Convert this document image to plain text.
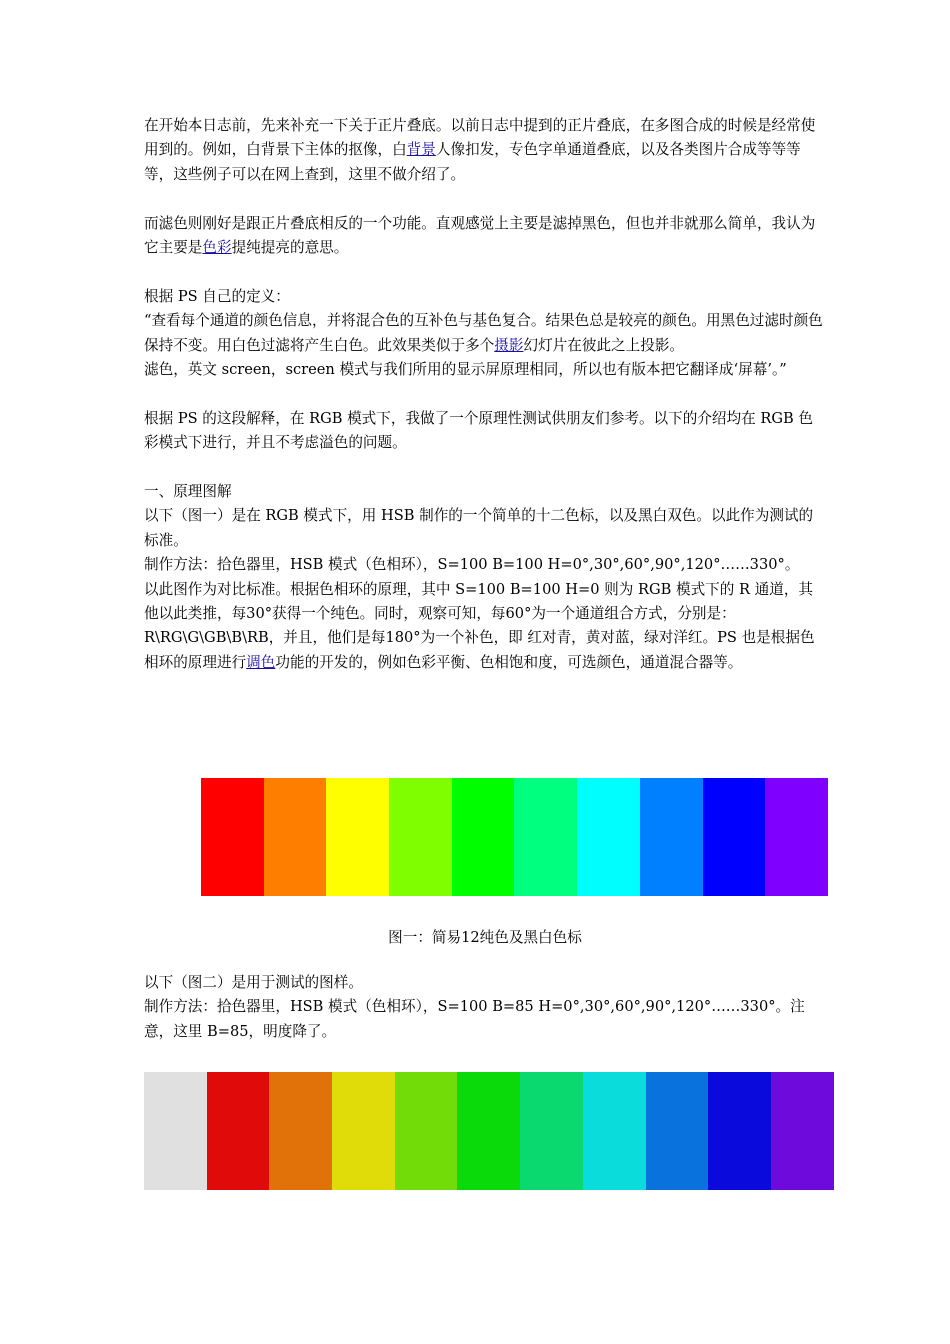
在开始本日志前，先来补充一下关于正片叠底。以前日志中提到的正片叠底，在多图合成的时候是经常使用到的。例如，白背景下主体的抠像，白背景人像扣发，专色字单通道叠底，以及各类图片合成等等等等，这些例子可以在网上查到，这里不做介绍了。

而滤色则刚好是跟正片叠底相反的一个功能。直观感觉上主要是滤掉黑色，但也并非就那么简单，我认为它主要是色彩提纯提亮的意思。

根据 PS 自己的定义：

“查看每个通道的颜色信息，并将混合色的互补色与基色复合。结果色总是较亮的颜色。用黑色过滤时颜色保持不变。用白色过滤将产生白色。此效果类似于多个摄影幻灯片在彼此之上投影。

滤色，英文 screen，screen 模式与我们所用的显示屏原理相同，所以也有版本把它翻译成‘屏幕’。”

根据 PS 的这段解释，在 RGB 模式下，我做了一个原理性测试供朋友们参考。以下的介绍均在 RGB 色彩模式下进行，并且不考虑溢色的问题。

一、原理图解

以下（图一）是在 RGB 模式下，用 HSB 制作的一个简单的十二色标，以及黑白双色。以此作为测试的标准。

制作方法：拾色器里，HSB 模式（色相环），S=100 B=100 H=0°,30°,60°,90°,120°……330°。

以此图作为对比标准。根据色相环的原理，其中 S=100 B=100 H=0 则为 RGB 模式下的 R 通道，其他以此类推，每30°获得一个纯色。同时，观察可知，每60°为一个通道组合方式，分别是：R\RG\G\GB\B\RB，并且，他们是每180°为一个补色，即 红对青，黄对蓝，绿对洋红。PS 也是根据色相环的原理进行调色功能的开发的，例如色彩平衡、色相饱和度，可选颜色，通道混合器等。

图一：简易12纯色及黑白色标

以下（图二）是用于测试的图样。

制作方法：拾色器里，HSB 模式（色相环），S=100 B=85 H=0°,30°,60°,90°,120°……330°。注意，这里 B=85，明度降了。
